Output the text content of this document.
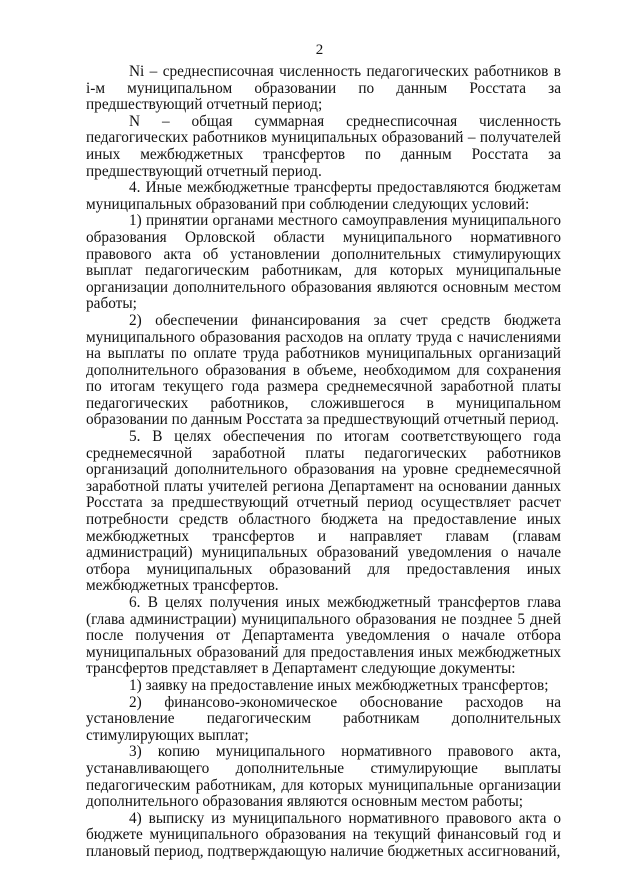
2

Ni – среднесписочная численность педагогических работников в i-м муниципальном образовании по данным Росстата за предшествующий отчетный период;

N – общая суммарная среднесписочная численность педагогических работников муниципальных образований – получателей иных межбюджетных трансфертов по данным Росстата за предшествующий отчетный период.

4. Иные межбюджетные трансферты предоставляются бюджетам муниципальных образований при соблюдении следующих условий:

1) принятии органами местного самоуправления муниципального образования Орловской области муниципального нормативного правового акта об установлении дополнительных стимулирующих выплат педагогическим работникам, для которых муниципальные организации дополнительного образования являются основным местом работы;

2) обеспечении финансирования за счет средств бюджета муниципального образования расходов на оплату труда с начислениями на выплаты по оплате труда работников муниципальных организаций дополнительного образования в объеме, необходимом для сохранения по итогам текущего года размера среднемесячной заработной платы педагогических работников, сложившегося в муниципальном образовании по данным Росстата за предшествующий отчетный период.

5. В целях обеспечения по итогам соответствующего года среднемесячной заработной платы педагогических работников организаций дополнительного образования на уровне среднемесячной заработной платы учителей региона Департамент на основании данных Росстата за предшествующий отчетный период осуществляет расчет потребности средств областного бюджета на предоставление иных межбюджетных трансфертов и направляет главам (главам администраций) муниципальных образований уведомления о начале отбора муниципальных образований для предоставления иных межбюджетных трансфертов.

6. В целях получения иных межбюджетный трансфертов глава (глава администрации) муниципального образования не позднее 5 дней после получения от Департамента уведомления о начале отбора муниципальных образований для предоставления иных межбюджетных трансфертов представляет в Департамент следующие документы:

1) заявку на предоставление иных межбюджетных трансфертов;

2) финансово-экономическое обоснование расходов на установление педагогическим работникам дополнительных стимулирующих выплат;

3) копию муниципального нормативного правового акта, устанавливающего дополнительные стимулирующие выплаты педагогическим работникам, для которых муниципальные организации дополнительного образования являются основным местом работы;

4) выписку из муниципального нормативного правового акта о бюджете муниципального образования на текущий финансовый год и плановый период, подтверждающую наличие бюджетных ассигнований,
